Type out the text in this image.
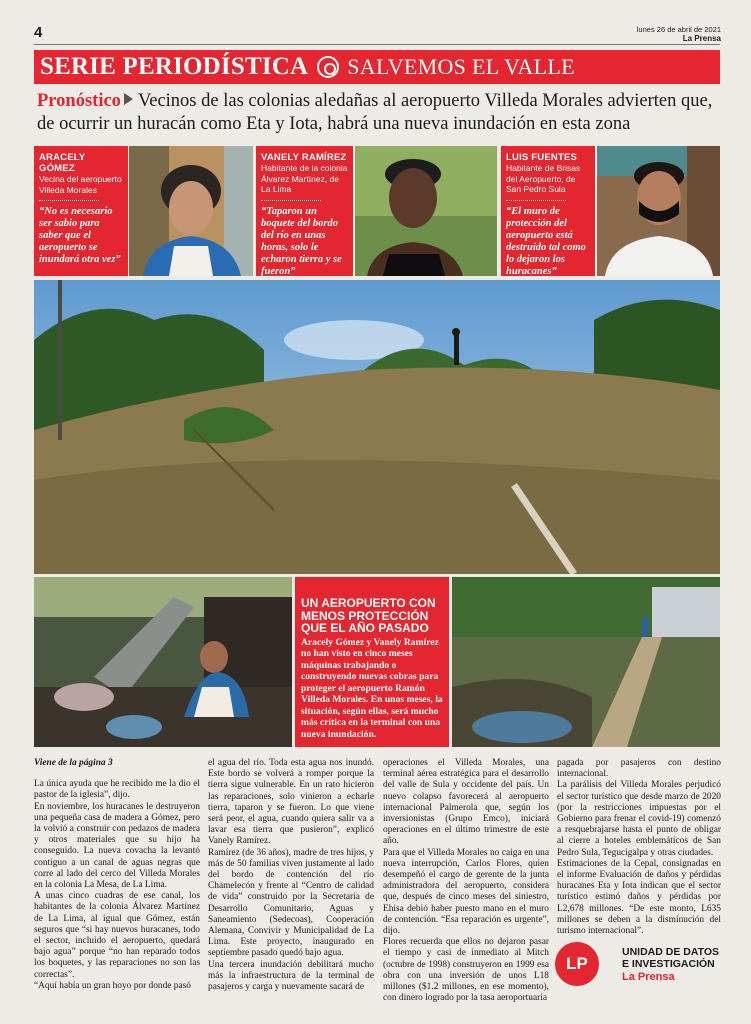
4	lunes 26 de abril de 2021
La Prensa
SERIE PERIODÍSTICA SALVEMOS EL VALLE
Pronóstico Vecinos de las colonias aledañas al aeropuerto Villeda Morales advierten que, de ocurrir un huracán como Eta y Iota, habrá una nueva inundación en esta zona
ARACELY GÓMEZ
Vecina del aeropuerto Villeda Morales
“No es necesario ser sabio para saber que el aeropuerto se inundará otra vez”
VANELY RAMÍREZ
Habitante de la colonia Álvarez Martínez, de La Lima
“Taparon un boquete del bordo del río en unas horas, solo le echaron tierra y se fueron”
LUIS FUENTES
Habitante de Brisas del Aeropuerto, de San Pedro Sula
“El muro de protección del aeropuerto está destruido tal como lo dejaron los huracanes”
UN AEROPUERTO CON MENOS PROTECCIÓN QUE EL AÑO PASADO
Aracely Gómez y Vanely Ramírez no han visto en cinco meses máquinas trabajando o construyendo nuevas cobras para proteger el aeropuerto Ramón Villeda Morales. En unos meses, la situación, según ellas, será mucho más crítica en la terminal con una nueva inundación.

Viene de la página 3

La única ayuda que he recibido me la dio el pastor de la iglesia”, dijo.

En noviembre, los huracanes le destruyeron una pequeña casa de madera a Gómez, pero la volvió a construir con pedazos de madera y otros materiales que su hijo ha conseguido. La nueva covacha la levantó contiguo a un canal de aguas negras que corre al lado del cerco del Villeda Morales en la colonia La Mesa, de La Lima.

A unas cinco cuadras de ese canal, los habitantes de la colonia Álvarez Martínez de La Lima, al igual que Gómez, están seguros que “si hay nuevos huracanes, todo el sector, incluido el aeropuerto, quedará bajo agua” porque “no han reparado todos los boquetes, y las reparaciones no son las correctas”.

“Aquí había un gran hoyo por donde pasó

el agua del río. Toda esta agua nos inundó. Este bordo se volverá a romper porque la tierra sigue vulnerable. En un rato hicieron las reparaciones, solo vinieron a echarle tierra, taparon y se fueron. Lo que viene será peor, el agua, cuando quiera salir va a lavar esa tierra que pusieron”, explicó Vanely Ramírez.

Ramírez (de 36 años), madre de tres hijos, y más de 50 familias viven justamente al lado del bordo de contención del río Chamelecón y frente al “Centro de calidad de vida” construido por la Secretaría de Desarrollo Comunitario, Aguas y Saneamiento (Sedecoas), Cooperación Alemana, Convivir y Municipalidad de La Lima. Este proyecto, inaugurado en septiembre pasado quedó bajo agua.

Una tercera inundación debilitará mucho más la infraestructura de la terminal de pasajeros y carga y nuevamente sacará de

operaciones el Villeda Morales, una terminal aérea estratégica para el desarrollo del valle de Sula y occidente del país. Un nuevo colapso favorecerá al aeropuerto internacional Palmerola que, según los inversionistas (Grupo Emco), iniciará operaciones en el último trimestre de este año.

Para que el Villeda Morales no caiga en una nueva interrupción, Carlos Flores, quien desempeñó el cargo de gerente de la junta administradora del aeropuerto, considera que, después de cinco meses del siniestro, Ehisa debió haber puesto mano en el muro de contención. “Esa reparación es urgente”, dijo.

Flores recuerda que ellos no dejaron pasar el tiempo y casi de inmediato al Mitch (octubre de 1998) construyeron en 1999 esa obra con una inversión de unos L18 millones ($1.2 millones, en ese momento), con dinero logrado por la tasa aeroportuaria

pagada por pasajeros con destino internacional.

La parálisis del Villeda Morales perjudicó el sector turístico que desde marzo de 2020 (por la restricciones impuestas por el Gobierno para frenar el covid-19) comenzó a resquebrajarse hasta el punto de obligar al cierre a hoteles emblemáticos de San Pedro Sula, Tegucigalpa y otras ciudades.

Estimaciones de la Cepal, consignadas en el informe Evaluación de daños y pérdidas huracanes Eta y Iota indican que el sector turístico estimó daños y pérdidas por L2,678 millones. “De este monto, L635 millones se deben a la disminución del turismo internacional”.

LP
UNIDAD DE DATOS
E INVESTIGACIÓN
La Prensa
